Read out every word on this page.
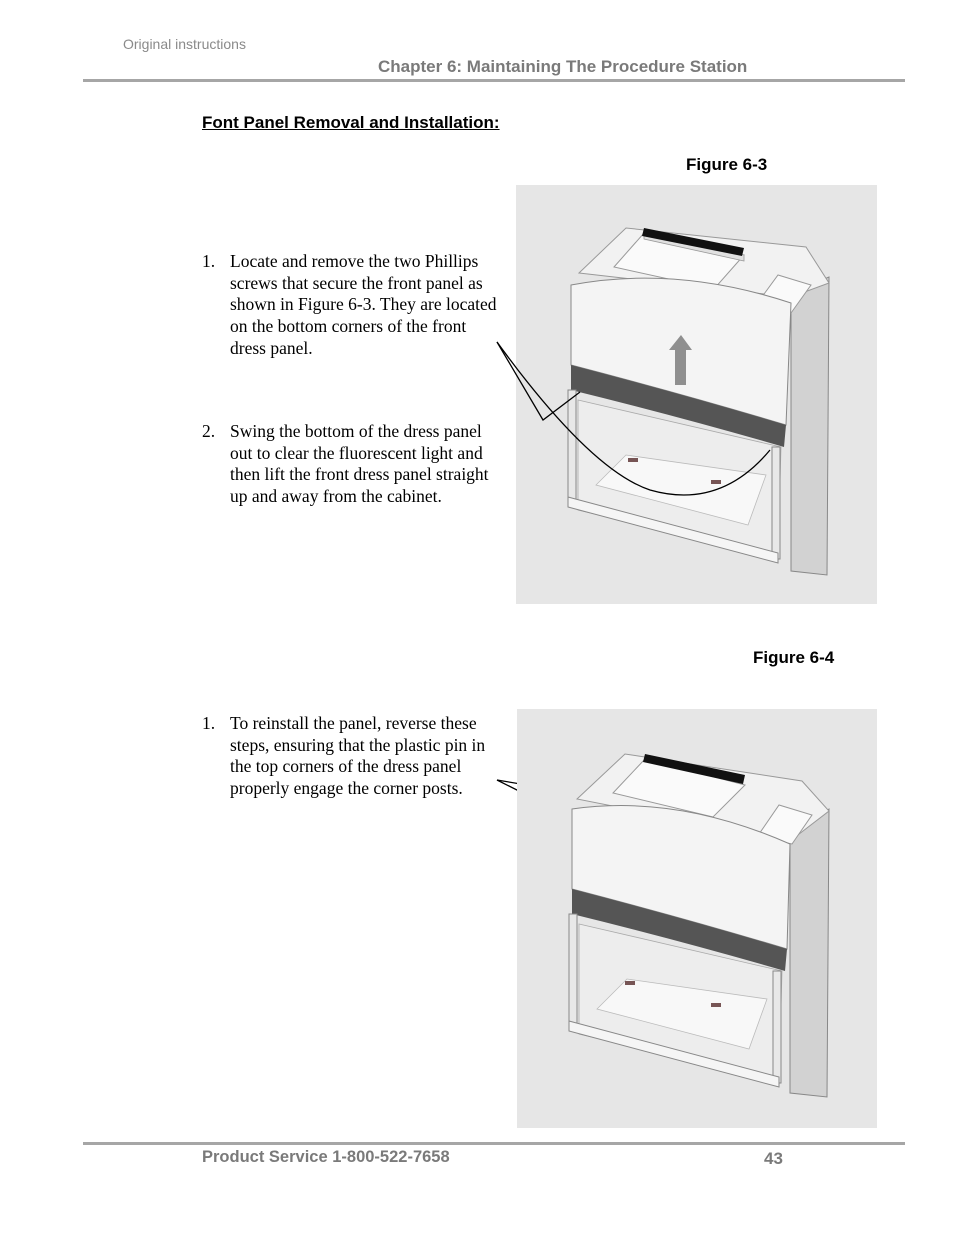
Original instructions
Chapter 6: Maintaining The Procedure Station
Font Panel Removal and Installation:
Figure 6-3
1. Locate and remove the two Phillips screws that secure the front panel as shown in Figure 6-3. They are located on the bottom corners of the front dress panel.
2. Swing the bottom of the dress panel out to clear the fluorescent light and then lift the front dress panel straight up and away from the cabinet.
Figure 6-4
1. To reinstall the panel, reverse these steps, ensuring that the plastic pin in the top corners of the dress panel properly engage the corner posts.
Product Service 1-800-522-7658	43
